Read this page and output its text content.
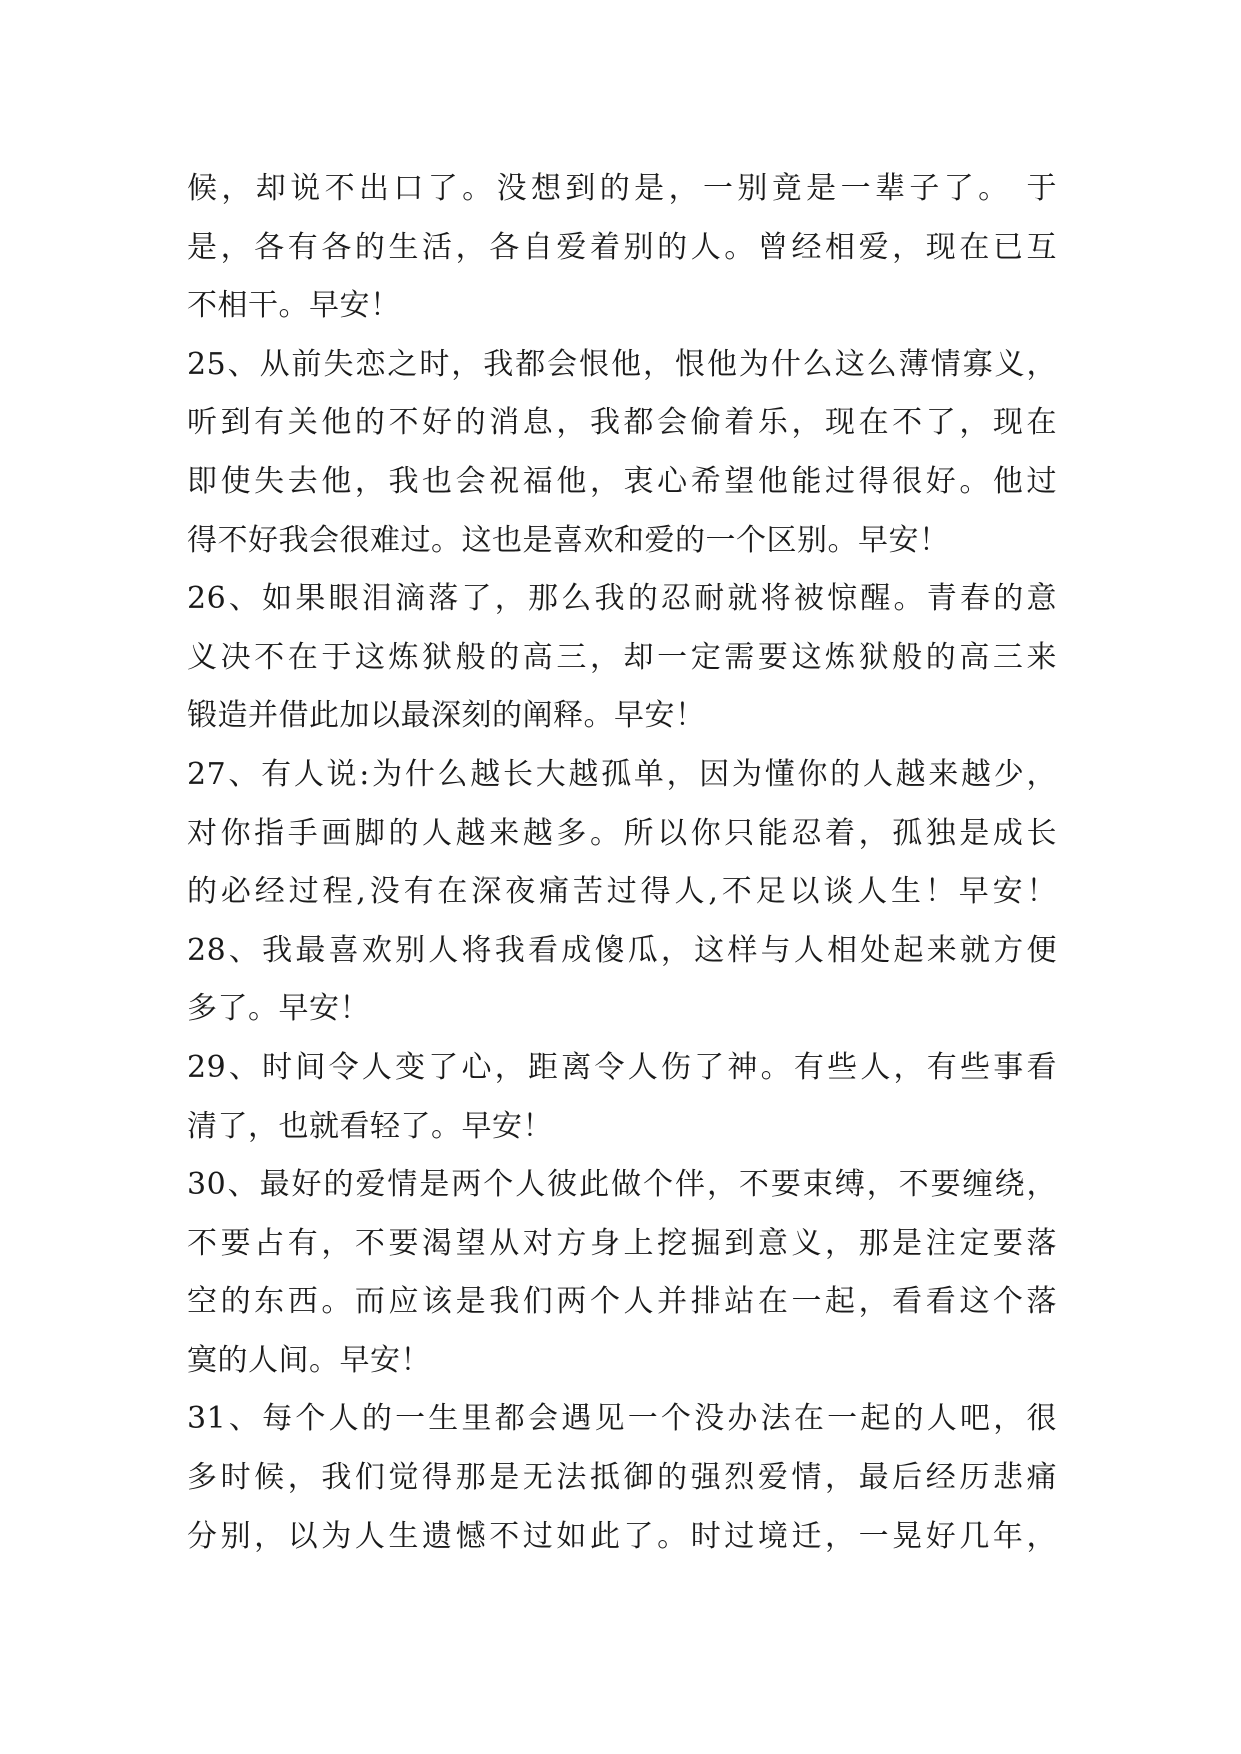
候，却说不出口了。没想到的是，一别竟是一辈子了。 于
是，各有各的生活，各自爱着别的人。曾经相爱，现在已互
不相干。早安！
25、从前失恋之时，我都会恨他，恨他为什么这么薄情寡义，
听到有关他的不好的消息，我都会偷着乐，现在不了，现在
即使失去他，我也会祝福他，衷心希望他能过得很好。他过
得不好我会很难过。这也是喜欢和爱的一个区别。早安！
26、如果眼泪滴落了，那么我的忍耐就将被惊醒。青春的意
义决不在于这炼狱般的高三，却一定需要这炼狱般的高三来
锻造并借此加以最深刻的阐释。早安！
27、有人说:为什么越长大越孤单，因为懂你的人越来越少，
对你指手画脚的人越来越多。所以你只能忍着，孤独是成长
的必经过程,没有在深夜痛苦过得人,不足以谈人生！早安！
28、我最喜欢别人将我看成傻瓜，这样与人相处起来就方便
多了。早安！
29、时间令人变了心，距离令人伤了神。有些人，有些事看
清了，也就看轻了。早安！
30、最好的爱情是两个人彼此做个伴，不要束缚，不要缠绕，
不要占有，不要渴望从对方身上挖掘到意义，那是注定要落
空的东西。而应该是我们两个人并排站在一起，看看这个落
寞的人间。早安！
31、每个人的一生里都会遇见一个没办法在一起的人吧，很
多时候，我们觉得那是无法抵御的强烈爱情，最后经历悲痛
分别，以为人生遗憾不过如此了。时过境迁，一晃好几年，
